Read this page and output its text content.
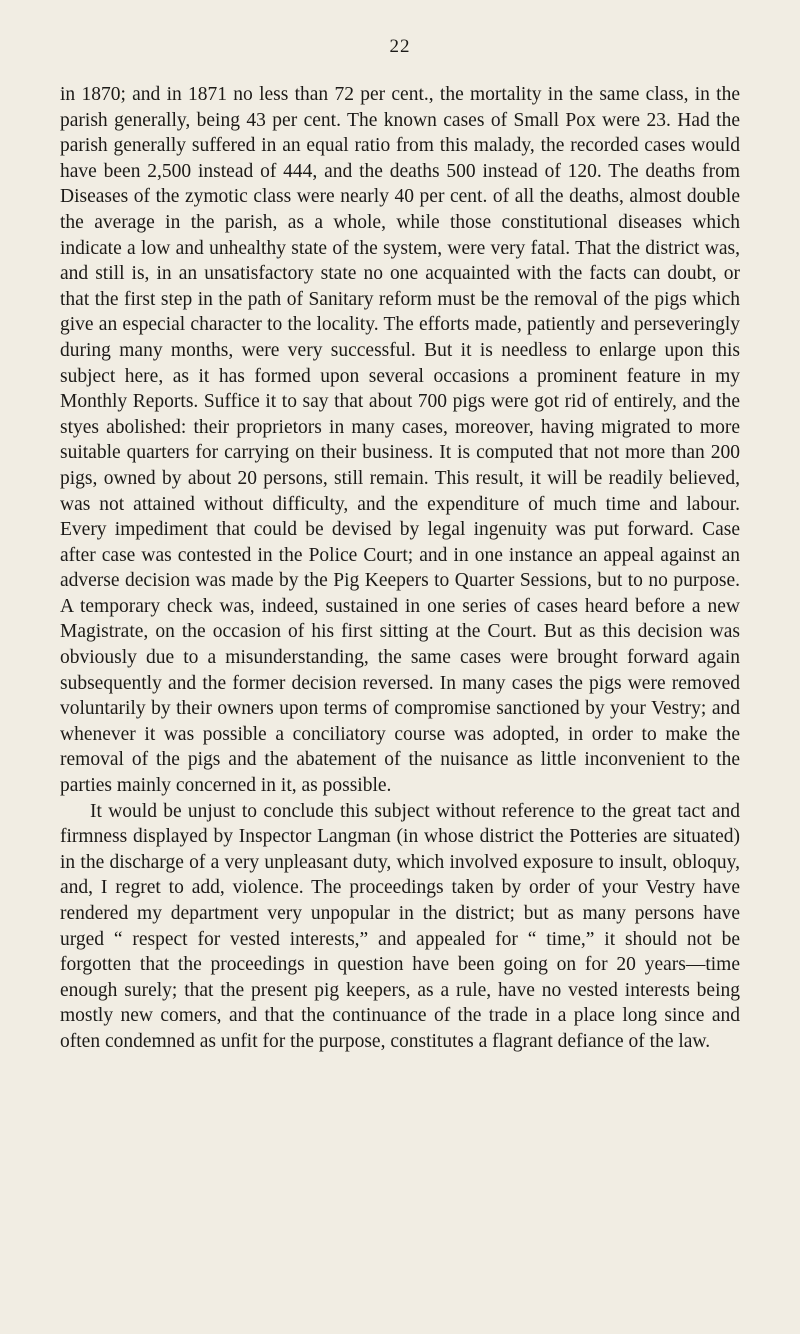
22

in 1870; and in 1871 no less than 72 per cent., the mortality in the same class, in the parish generally, being 43 per cent. The known cases of Small Pox were 23. Had the parish generally suffered in an equal ratio from this malady, the recorded cases would have been 2,500 instead of 444, and the deaths 500 instead of 120. The deaths from Diseases of the zymotic class were nearly 40 per cent. of all the deaths, almost double the average in the parish, as a whole, while those constitutional diseases which indicate a low and unhealthy state of the system, were very fatal. That the district was, and still is, in an unsatisfactory state no one acquainted with the facts can doubt, or that the first step in the path of Sanitary reform must be the removal of the pigs which give an especial character to the locality. The efforts made, patiently and perseveringly during many months, were very successful. But it is needless to enlarge upon this subject here, as it has formed upon several occasions a prominent feature in my Monthly Reports. Suffice it to say that about 700 pigs were got rid of entirely, and the styes abolished: their proprietors in many cases, moreover, having migrated to more suitable quarters for carrying on their business. It is computed that not more than 200 pigs, owned by about 20 persons, still remain. This result, it will be readily believed, was not attained without difficulty, and the expenditure of much time and labour. Every impediment that could be devised by legal ingenuity was put forward. Case after case was contested in the Police Court; and in one instance an appeal against an adverse decision was made by the Pig Keepers to Quarter Sessions, but to no purpose. A temporary check was, indeed, sustained in one series of cases heard before a new Magistrate, on the occasion of his first sitting at the Court. But as this decision was obviously due to a misunderstanding, the same cases were brought forward again subsequently and the former decision reversed. In many cases the pigs were removed voluntarily by their owners upon terms of compromise sanctioned by your Vestry; and whenever it was possible a conciliatory course was adopted, in order to make the removal of the pigs and the abatement of the nuisance as little inconvenient to the parties mainly concerned in it, as possible.

It would be unjust to conclude this subject without reference to the great tact and firmness displayed by Inspector Langman (in whose district the Potteries are situated) in the discharge of a very unpleasant duty, which involved exposure to insult, obloquy, and, I regret to add, violence. The proceedings taken by order of your Vestry have rendered my department very unpopular in the district; but as many persons have urged “ respect for vested interests,” and appealed for “ time,” it should not be forgotten that the proceedings in question have been going on for 20 years—time enough surely; that the present pig keepers, as a rule, have no vested interests being mostly new comers, and that the continuance of the trade in a place long since and often condemned as unfit for the purpose, constitutes a flagrant defiance of the law.
